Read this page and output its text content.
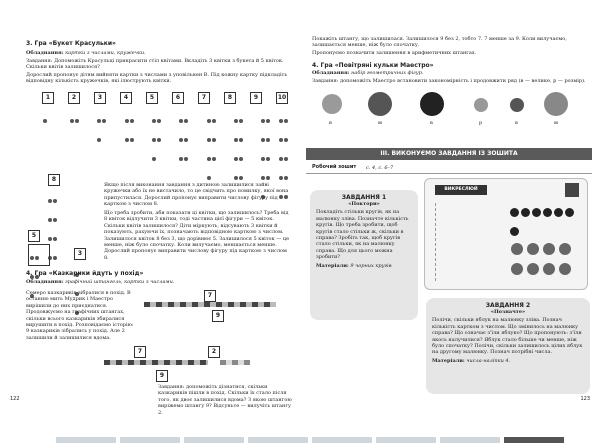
3. Гра «Букет Красульки»

Обладнання: картки з числами, кружечки.

Завдання: Допоможіть Красульці прикрасити стіл квітами. Вкладіть 3 квітки з букета й 5 квіток. Скільки квітів залишилося?

Дорослий пропонує дітям вийняти картки з числами з уповільнен В. Під кожну картку підкладіть відповідну кількість кружечків, які ілюструють квітки.

1	2	3	4	5	6	7	8	9	10
8

5

3

Якщо після виконання завдання з дитиною залишилися зайві кружечки або їх не вистачило, то це свідчить про помилку, якої вона припустилася. Дорослий пропонує виправити числову фігуру під карткою з числом 8.

Що треба зробити, аби показати ці квітки, що залишилось? Треба від 8 квіток відлучити 3 квітки, тоді частина цієї фігури — 5 квіток. Скільки квітів залишилося? Діти міркують, відсувають 3 квітки й показують, рахуючи їх, позначають відповідною карткою з числом. Залишилося квіток 8 без 3, що дорівнює 5. Залишилося 5 квіток — це менше, ніж було спочатку. Коли вилучаємо, меншається менше. Дорослий пропонує виправити числову фігуру під карткою з числом 8.

4. Гра «Казкарики йдуть у похід»

Обладнання: графічний штангель, картки з числами.

Семеро казкариків зібралися в похід. В останню мить Мудрик і Маестро вирішили до них приєднатися. Продовжуємо на графічних штангах, скільки всього казкариків збиралися вирушити в похід. Розповідаємо історію: 9 казкариків зібрались у похід. Але 2 залишили й залишилися вдома.

7
9
7	2
9

Завдання: допоможіть дізнатися, скільки казкариків пішли в похід. Скільки їх стало після того, як двоє залишилися вдома? З якою штангою виріжемо штангу 9? Відсуньте — вилучіть штангу 2.

122

Покажіть штангу, що залишилася. Залишилося 9 без 2, тобто 7. 7 менше за 9. Коли вилучаємо, залишається менше, ніж було спочатку.

Пропонуємо позначити залишення в арифметичних штангах.

4. Гра «Повітряні кульки Маестро»

Обладнання: набір геометричних фігур.

Завдання: допоможіть Маестро встановити закономірність і продовжити ряд (в — велике, р — розмір).

в	м	в	р	в	м
III. ВИКОНУЄМО ЗАВДАННЯ ІЗ ЗОШИТА
Робочий зошит с. 4, с. 6–7

ЗАВДАННЯ 1

«Поктори»

Покладіть стільки кругів, як на малюнку зліва. Позначте кількість кругів. Що треба зробити, щоб кругів стало стільки ж, скільки в справа? Зробіть так, щоб кругів стало стільки, як на малюнку справа. Що для цього можна зробити?

Матеріали: 9 чорних кругів

ВИКРЕСЛЮЙ

ЗАВДАННЯ 2

«Позначте»

Полічи, скільки яблук на малюнку зліва. Познач кількість картком з числом. Що змінилось на малюнку справа? Що означає з'їли яблуко? Що пропонують: з'їли якось налучилися? Яблук стало більше чи менше, ніж було спочатку? Полічи, скільки залишилось цілих яблук на другому малюнку. Познач потрібні числа.

Матеріали: числа-наліпки 4.

123
